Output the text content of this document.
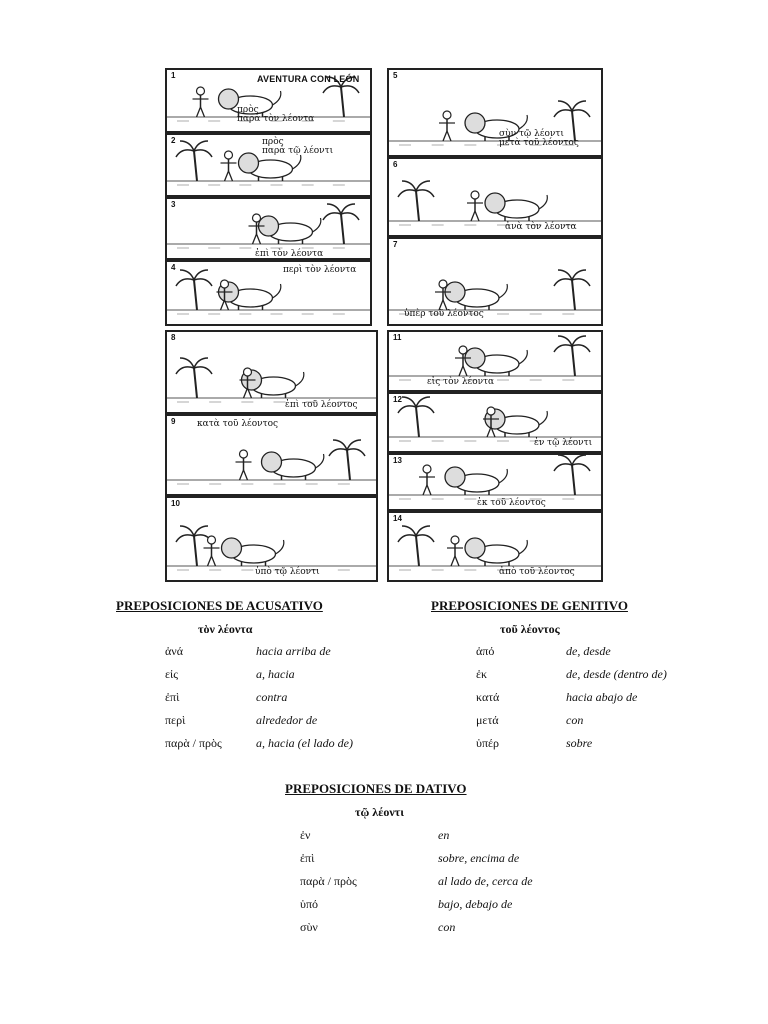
1
πρὸς
παρὰ τὸν λέοντα
AVENTURA CON LEÓN
2	πρὸς
παρὰ τῷ λέοντι
3
ἐπὶ τὸν λέοντα
4	περὶ τὸν λέοντα
5
σὺν τῷ λέοντι
μετὰ τοῦ λέοντος
6
ἀνὰ τὸν λέοντα
7
ὑπὲρ τοῦ λέοντος
8
ἐπὶ τοῦ λέοντος
9 κατὰ τοῦ λέοντος
10
ὑπὸ τῷ λέοντι
11
εἰς τὸν λέοντα
12
ἐν τῷ λέοντι
13
ἐκ τοῦ λέοντος
14
ἀπὸ τοῦ λέοντος
PREPOSICIONES DE ACUSATIVO
τὸν λέοντα
ἀνά	hacia arriba de
εἰς	a, hacia
ἐπὶ	contra
περὶ	alrededor de
παρὰ / πρὸς	a, hacia (el lado de)
PREPOSICIONES DE GENITIVO
τοῦ λέοντος
ἀπό	de, desde
ἐκ	de, desde (dentro de)
κατά	hacia abajo de
μετά	con
ὑπέρ	sobre
PREPOSICIONES DE DATIVO
τῷ λέοντι
ἐν	en
ἐπὶ	sobre, encima de
παρὰ / πρὸς	al lado de, cerca de
ὑπό	bajo, debajo de
σὺν	con
